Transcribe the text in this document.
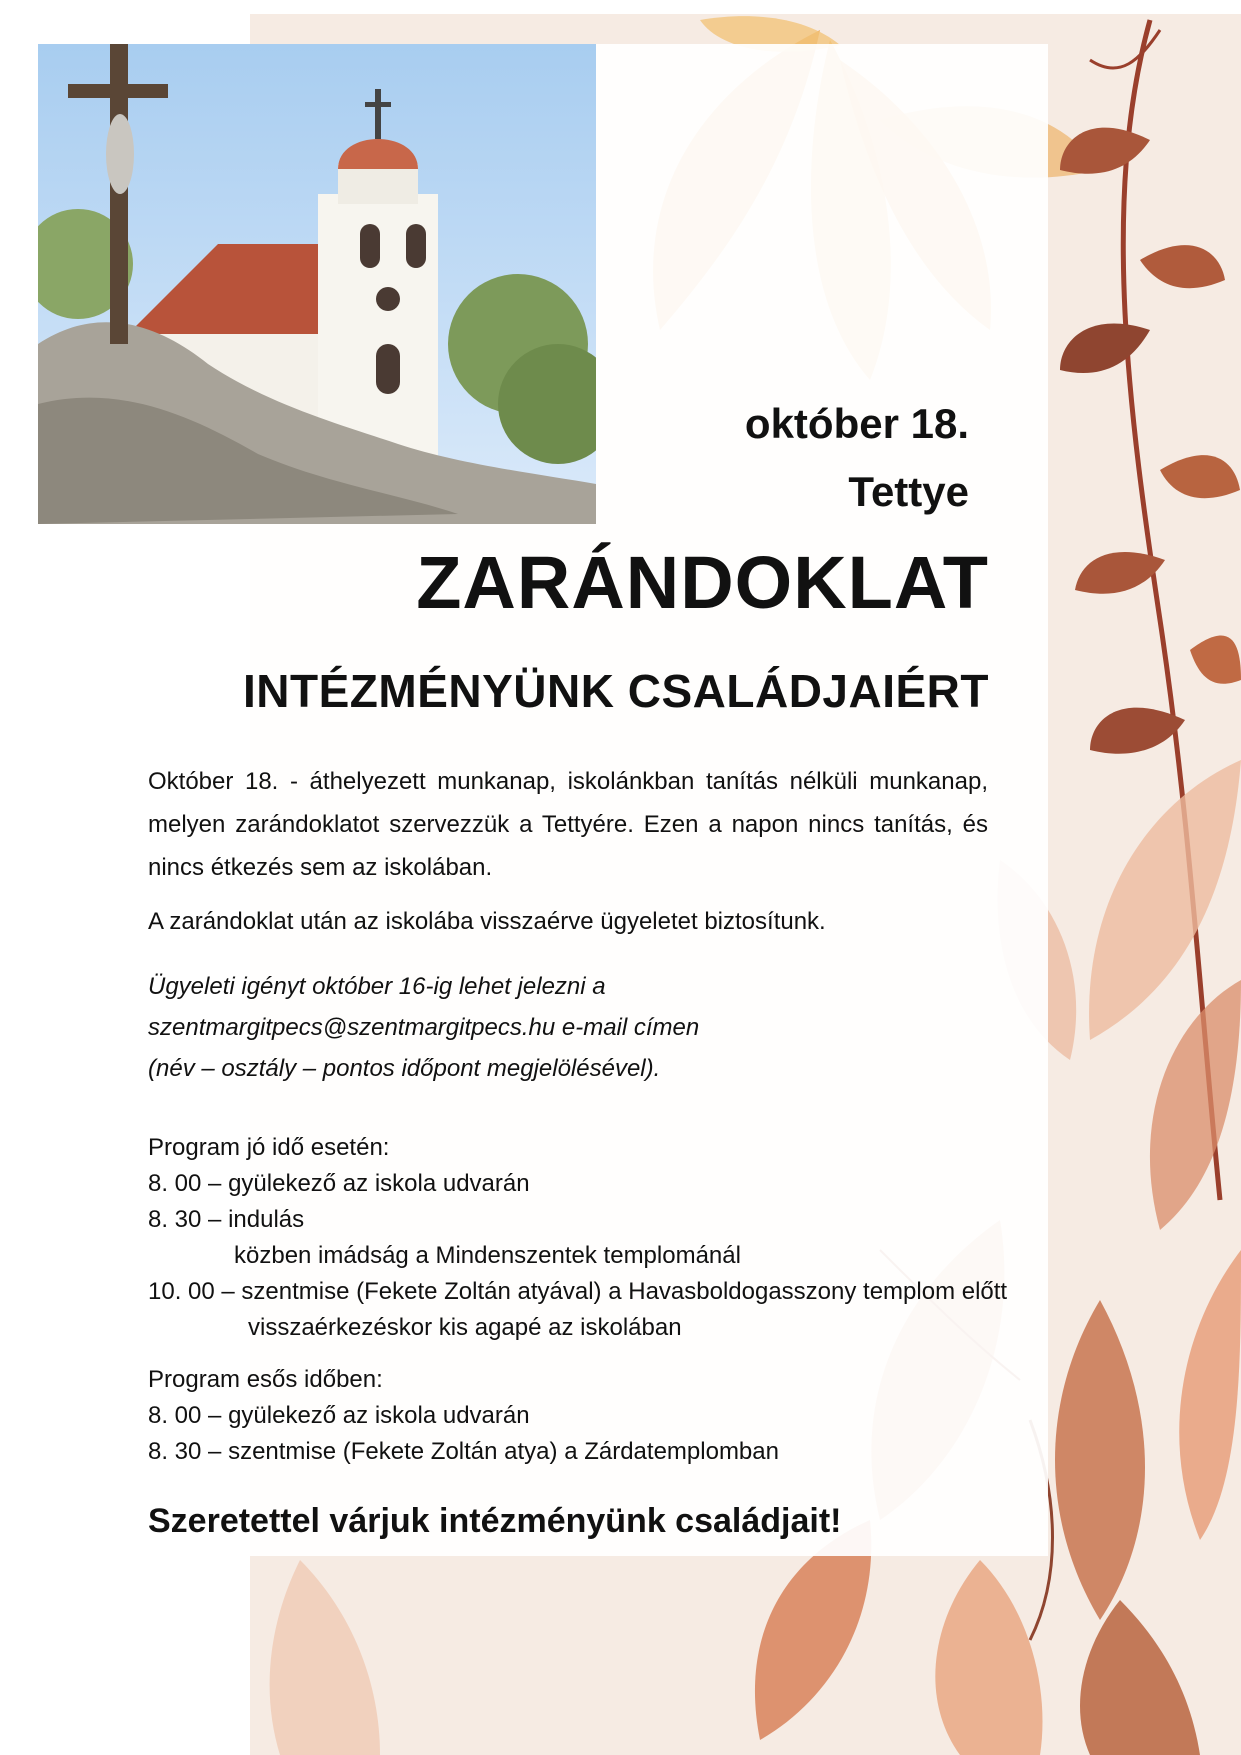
október 18.
Tettye
ZARÁNDOKLAT
INTÉZMÉNYÜNK CSALÁDJAIÉRT
Október 18. - áthelyezett munkanap, iskolánkban tanítás nélküli munkanap, melyen zarándoklatot szervezzük a Tettyére. Ezen a napon nincs tanítás, és nincs étkezés sem az iskolában.
A zarándoklat után az iskolába visszaérve ügyeletet biztosítunk.
Ügyeleti igényt október 16-ig lehet jelezni a
szentmargitpecs@szentmargitpecs.hu e-mail címen
(név – osztály – pontos időpont megjelölésével).
Program jó idő esetén:
8. 00 – gyülekező az iskola udvarán
8. 30 – indulás
közben imádság a Mindenszentek templománál
10. 00 – szentmise (Fekete Zoltán atyával) a Havasboldogasszony templom előtt
visszaérkezéskor kis agapé az iskolában
Program esős időben:
8. 00 – gyülekező az iskola udvarán
8. 30 – szentmise (Fekete Zoltán atya) a Zárdatemplomban
Szeretettel várjuk intézményünk családjait!
